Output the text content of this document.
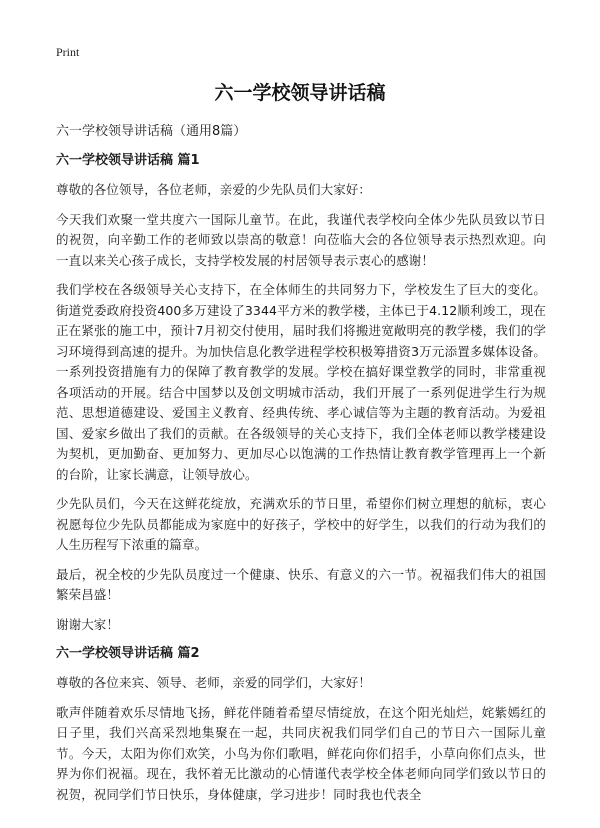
Print
六一学校领导讲话稿

六一学校领导讲话稿（通用8篇）

六一学校领导讲话稿 篇1

尊敬的各位领导，各位老师，亲爱的少先队员们大家好：

今天我们欢聚一堂共度六一国际儿童节。在此，我谨代表学校向全体少先队员致以节日的祝贺，向辛勤工作的老师致以崇高的敬意！向莅临大会的各位领导表示热烈欢迎。向一直以来关心孩子成长，支持学校发展的村居领导表示衷心的感谢！

我们学校在各级领导关心支持下，在全体师生的共同努力下，学校发生了巨大的变化。街道党委政府投资400多万建设了3344平方米的教学楼，主体已于4.12顺利竣工，现在正在紧张的施工中，预计7月初交付使用，届时我们将搬进宽敞明亮的教学楼，我们的学习环境得到高速的提升。为加快信息化教学进程学校积极筹措资3万元添置多媒体设备。一系列投资措施有力的保障了教育教学的发展。学校在搞好课堂教学的同时，非常重视各项活动的开展。结合中国梦以及创文明城市活动，我们开展了一系列促进学生行为规范、思想道德建设、爱国主义教育、经典传统、孝心诚信等为主题的教育活动。为爱祖国、爱家乡做出了我们的贡献。在各级领导的关心支持下，我们全体老师以教学楼建设为契机，更加勤奋、更加努力、更加尽心以饱满的工作热情让教育教学管理再上一个新的台阶，让家长满意，让领导放心。

少先队员们，今天在这鲜花绽放，充满欢乐的节日里，希望你们树立理想的航标，衷心祝愿每位少先队员都能成为家庭中的好孩子，学校中的好学生，以我们的行动为我们的人生历程写下浓重的篇章。

最后，祝全校的少先队员度过一个健康、快乐、有意义的六一节。祝福我们伟大的祖国繁荣昌盛！

谢谢大家！

六一学校领导讲话稿 篇2

尊敬的各位来宾、领导、老师，亲爱的同学们，大家好！

歌声伴随着欢乐尽情地飞扬，鲜花伴随着希望尽情绽放，在这个阳光灿烂，姹紫嫣红的日子里，我们兴高采烈地集聚在一起，共同庆祝我们同学们自己的节日六一国际儿童节。今天，太阳为你们欢笑，小鸟为你们歌唱，鲜花向你们招手，小草向你们点头，世界为你们祝福。现在，我怀着无比激动的心情谨代表学校全体老师向同学们致以节日的祝贺，祝同学们节日快乐，身体健康，学习进步！同时我也代表全
